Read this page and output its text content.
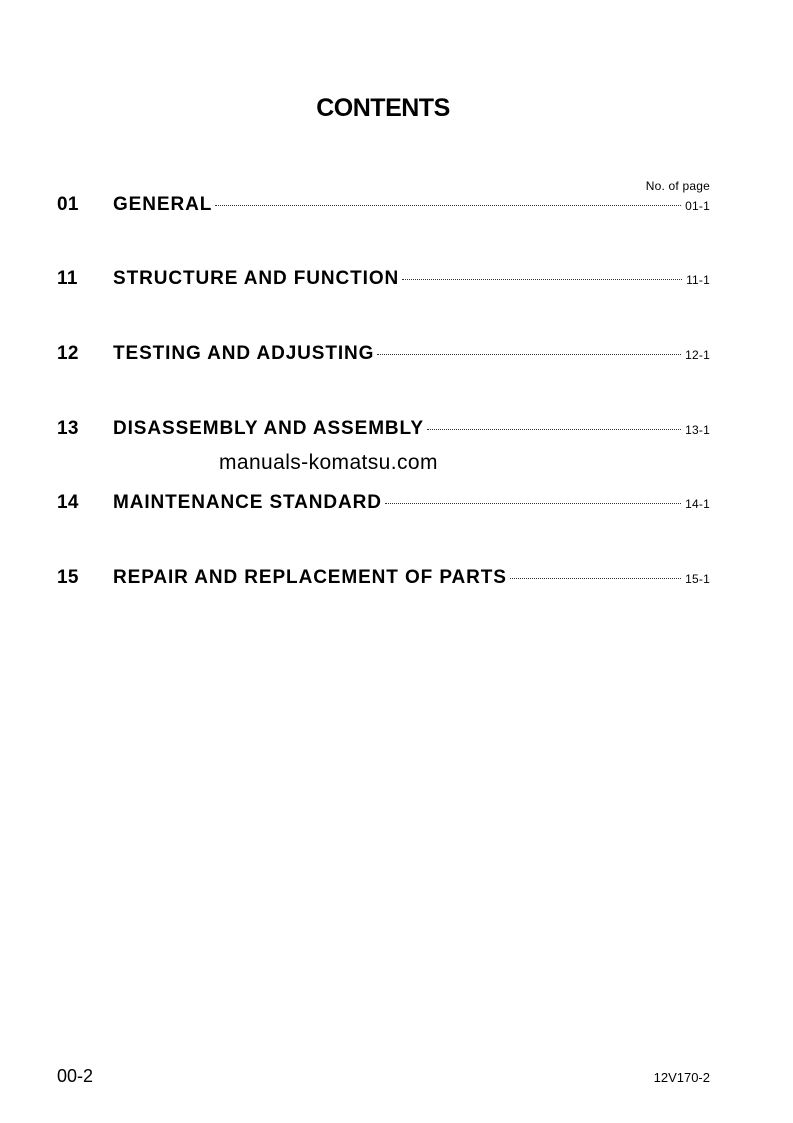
CONTENTS
No. of page
01	GENERAL	01-1
11	STRUCTURE AND FUNCTION	11-1
12	TESTING AND ADJUSTING	12-1
13	DISASSEMBLY AND ASSEMBLY	13-1
manuals-komatsu.com
14	MAINTENANCE STANDARD	14-1
15	REPAIR AND REPLACEMENT OF PARTS	15-1
00-2	12V170-2
